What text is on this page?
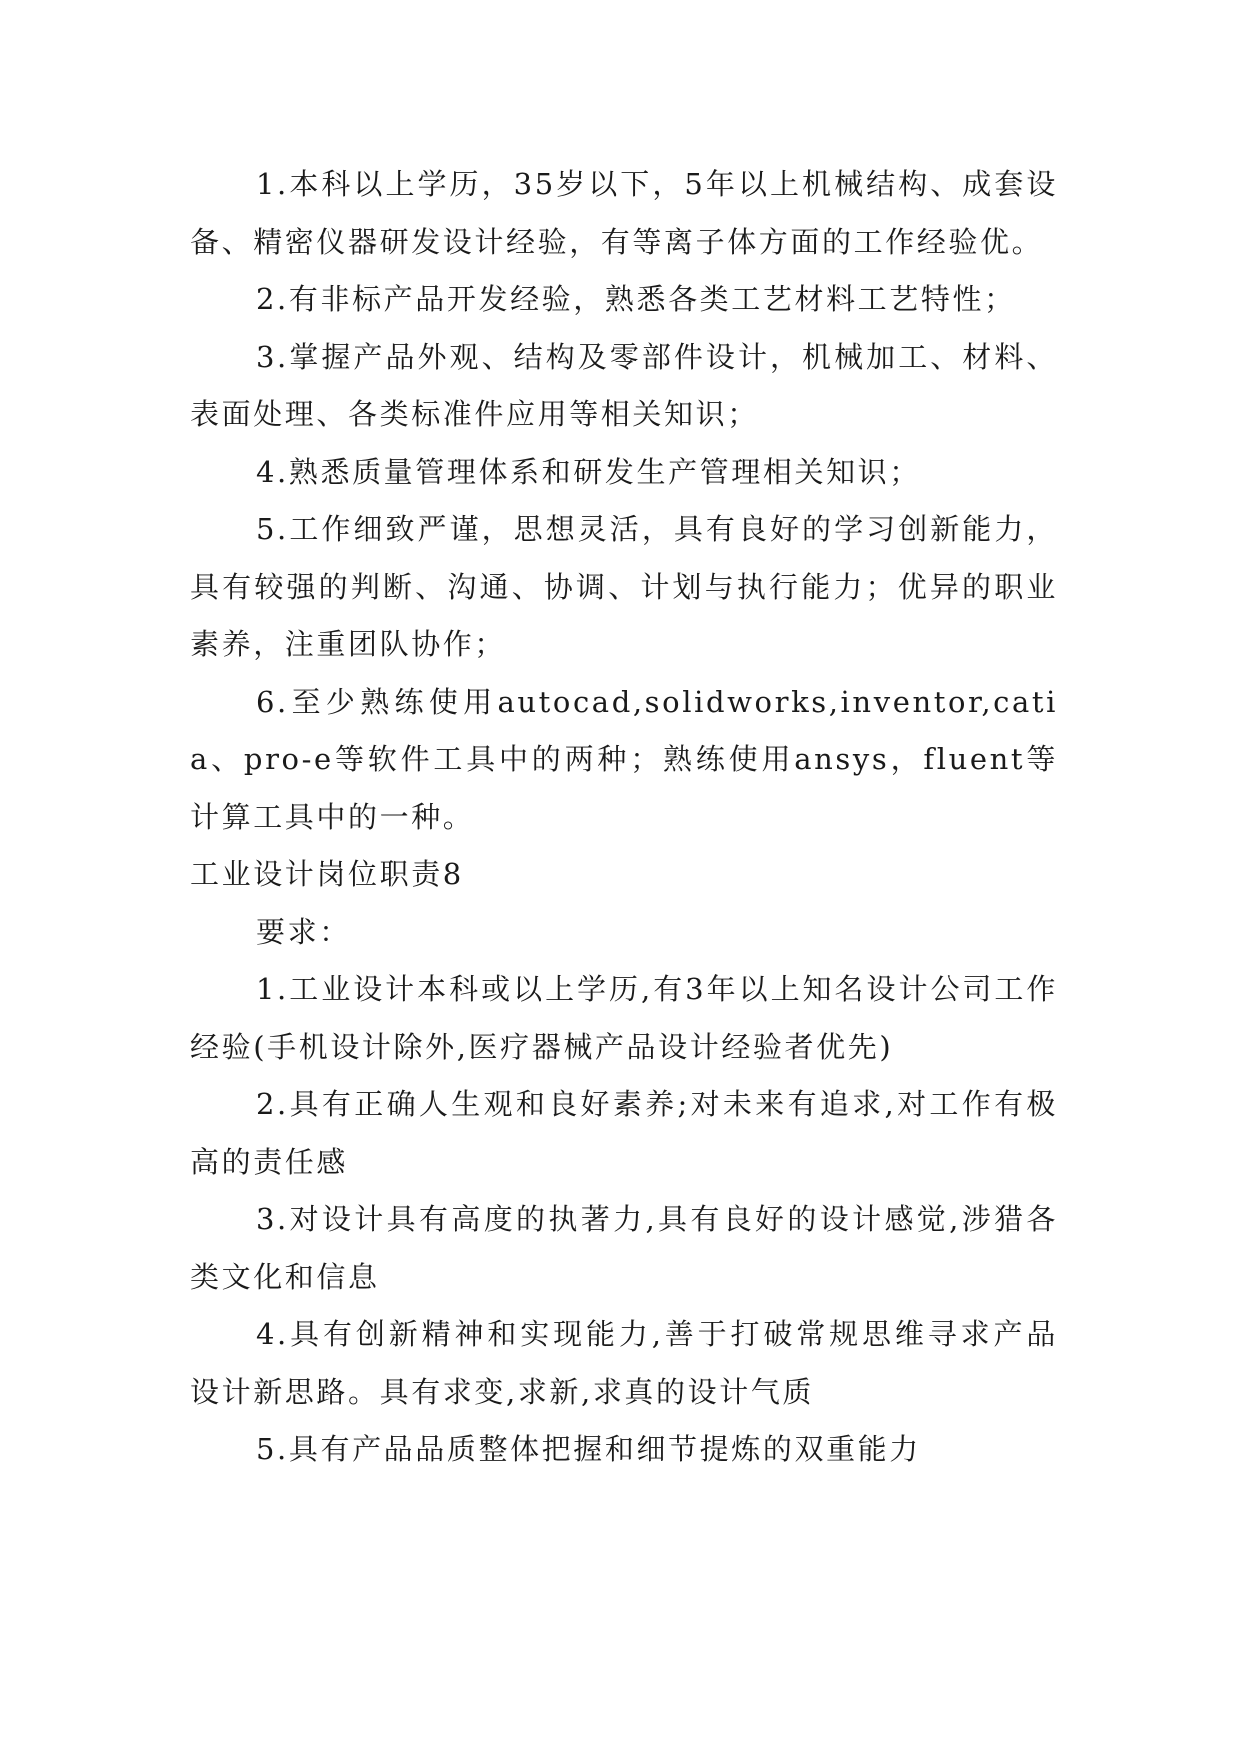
1.本科以上学历，35岁以下，5年以上机械结构、成套设备、精密仪器研发设计经验，有等离子体方面的工作经验优。

2.有非标产品开发经验，熟悉各类工艺材料工艺特性；

3.掌握产品外观、结构及零部件设计，机械加工、材料、表面处理、各类标准件应用等相关知识；

4.熟悉质量管理体系和研发生产管理相关知识；

5.工作细致严谨，思想灵活，具有良好的学习创新能力，具有较强的判断、沟通、协调、计划与执行能力；优异的职业素养，注重团队协作；

6.至少熟练使用autocad,solidworks,inventor,catia、pro-e等软件工具中的两种；熟练使用ansys，fluent等计算工具中的一种。

工业设计岗位职责8

要求：

1.工业设计本科或以上学历,有3年以上知名设计公司工作经验(手机设计除外,医疗器械产品设计经验者优先)

2.具有正确人生观和良好素养;对未来有追求,对工作有极高的责任感

3.对设计具有高度的执著力,具有良好的设计感觉,涉猎各类文化和信息

4.具有创新精神和实现能力,善于打破常规思维寻求产品设计新思路。具有求变,求新,求真的设计气质

5.具有产品品质整体把握和细节提炼的双重能力
